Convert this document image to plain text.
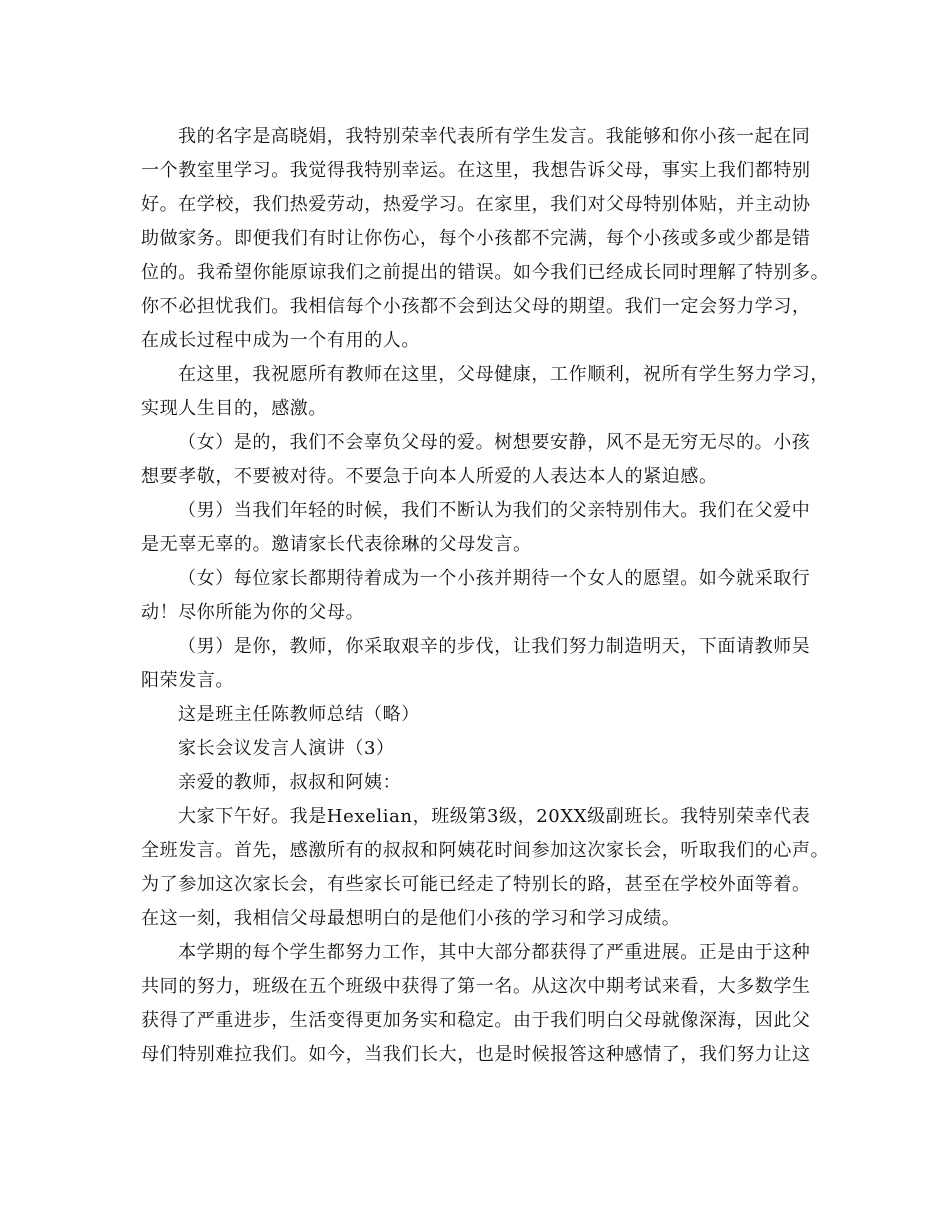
我的名字是高晓娟，我特别荣幸代表所有学生发言。我能够和你小孩一起在同
一个教室里学习。我觉得我特别幸运。在这里，我想告诉父母，事实上我们都特别
好。在学校，我们热爱劳动，热爱学习。在家里，我们对父母特别体贴，并主动协
助做家务。即便我们有时让你伤心，每个小孩都不完满，每个小孩或多或少都是错
位的。我希望你能原谅我们之前提出的错误。如今我们已经成长同时理解了特别多。
你不必担忧我们。我相信每个小孩都不会到达父母的期望。我们一定会努力学习，
在成长过程中成为一个有用的人。
在这里，我祝愿所有教师在这里，父母健康，工作顺利，祝所有学生努力学习，
实现人生目的，感激。
（女）是的，我们不会辜负父母的爱。树想要安静，风不是无穷无尽的。小孩
想要孝敬，不要被对待。不要急于向本人所爱的人表达本人的紧迫感。
（男）当我们年轻的时候，我们不断认为我们的父亲特别伟大。我们在父爱中
是无辜无辜的。邀请家长代表徐琳的父母发言。
（女）每位家长都期待着成为一个小孩并期待一个女人的愿望。如今就采取行
动！尽你所能为你的父母。
（男）是你，教师，你采取艰辛的步伐，让我们努力制造明天，下面请教师吴
阳荣发言。
这是班主任陈教师总结（略）
家长会议发言人演讲（3）
亲爱的教师，叔叔和阿姨：
大家下午好。我是Hexelian，班级第3级，20XX级副班长。我特别荣幸代表
全班发言。首先，感激所有的叔叔和阿姨花时间参加这次家长会，听取我们的心声。
为了参加这次家长会，有些家长可能已经走了特别长的路，甚至在学校外面等着。
在这一刻，我相信父母最想明白的是他们小孩的学习和学习成绩。
本学期的每个学生都努力工作，其中大部分都获得了严重进展。正是由于这种
共同的努力，班级在五个班级中获得了第一名。从这次中期考试来看，大多数学生
获得了严重进步，生活变得更加务实和稳定。由于我们明白父母就像深海，因此父
母们特别难拉我们。如今，当我们长大，也是时候报答这种感情了，我们努力让这
